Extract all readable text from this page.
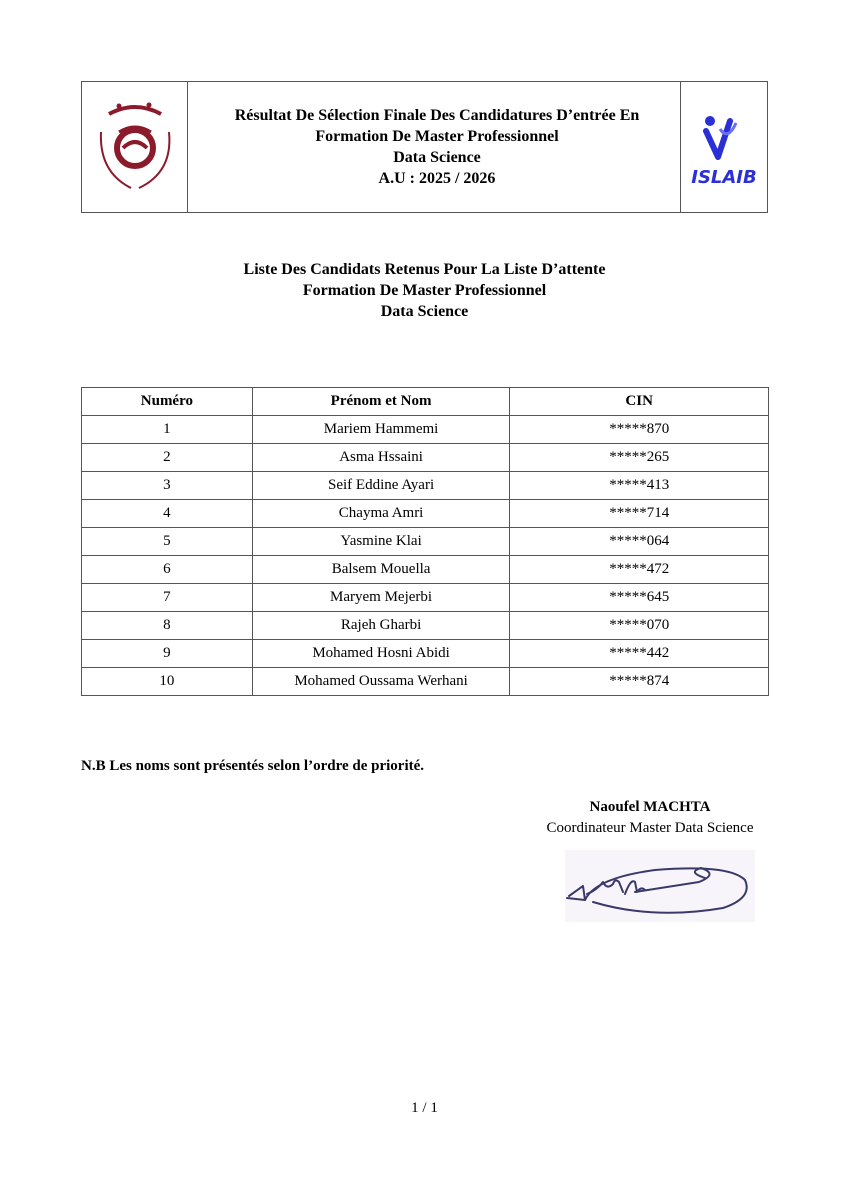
Résultat De Sélection Finale Des Candidatures D’entrée En
Formation De Master Professionnel
Data Science
A.U : 2025 / 2026	ISLAIB
Liste Des Candidats Retenus Pour La Liste D’attente
Formation De Master Professionnel
Data Science
Numéro	Prénom et Nom	CIN
1	Mariem Hammemi	*****870
2	Asma Hssaini	*****265
3	Seif Eddine Ayari	*****413
4	Chayma Amri	*****714
5	Yasmine Klai	*****064
6	Balsem Mouella	*****472
7	Maryem Mejerbi	*****645
8	Rajeh Gharbi	*****070
9	Mohamed Hosni Abidi	*****442
10	Mohamed Oussama Werhani	*****874
N.B Les noms sont présentés selon l’ordre de priorité.
Naoufel MACHTA
Coordinateur Master Data Science
1 / 1
